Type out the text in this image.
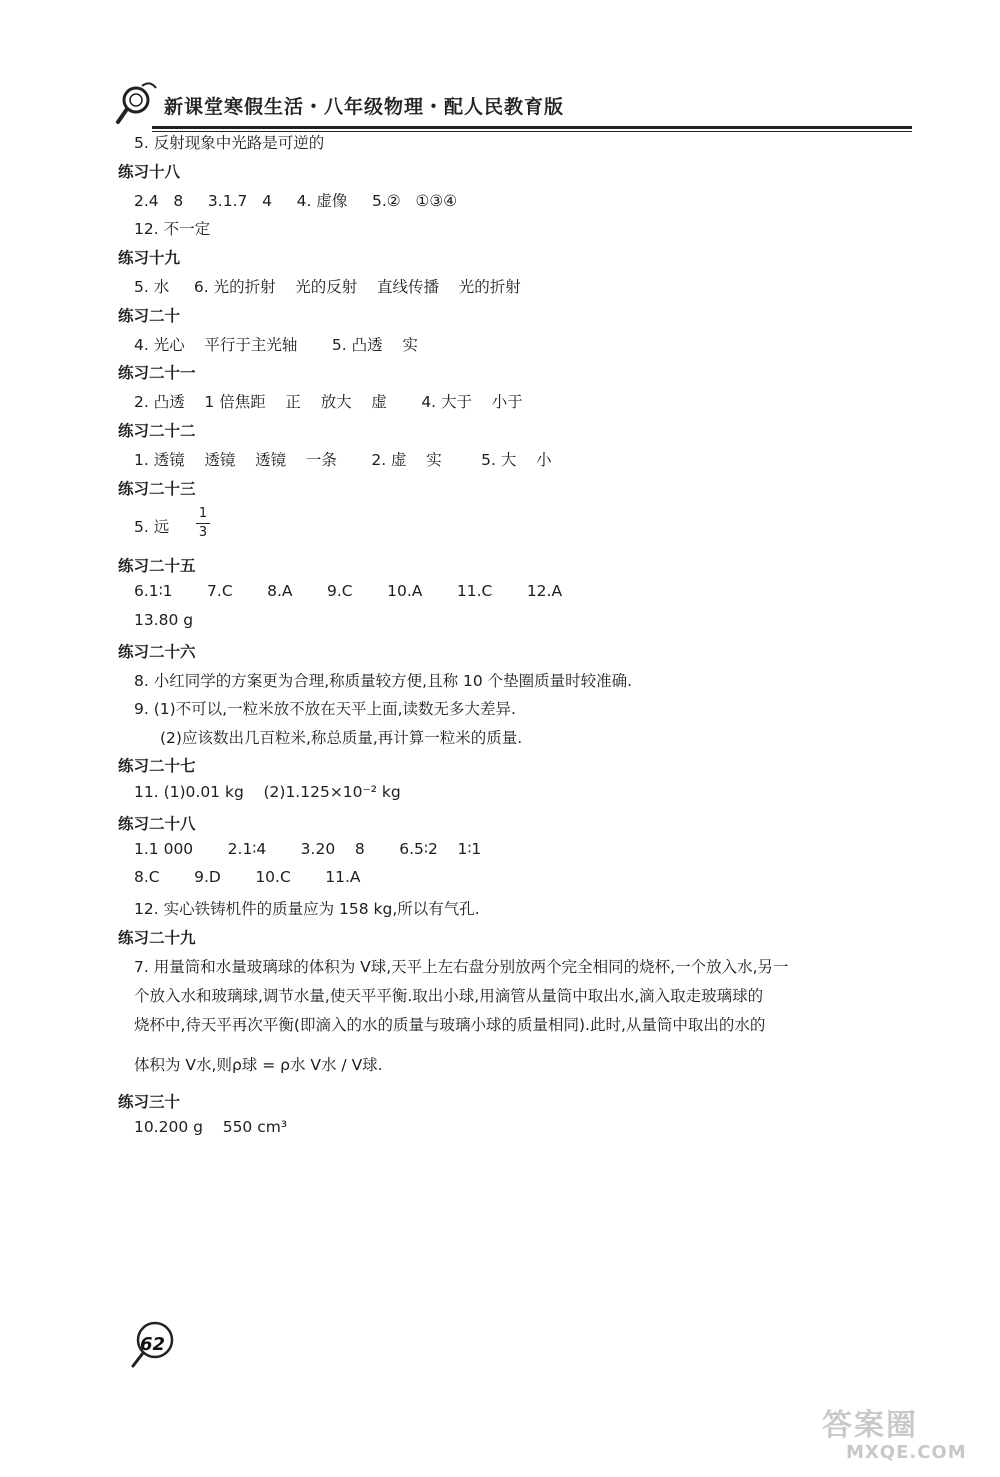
新课堂寒假生活・八年级物理・配人民教育版
5. 反射现象中光路是可逆的
练习十八
2.4   8     3.1.7   4     4. 虚像     5.②   ①③④
12. 不一定
练习十九
5. 水     6. 光的折射    光的反射    直线传播    光的折射
练习二十
4. 光心    平行于主光轴       5. 凸透    实
练习二十一
2. 凸透    1 倍焦距    正    放大    虚       4. 大于    小于
练习二十二
1. 透镜    透镜    透镜    一条       2. 虚    实        5. 大    小
练习二十三
5. 远
1
3
练习二十五
6.1∶1       7.C       8.A       9.C       10.A       11.C       12.A
13.80 g
练习二十六
8. 小红同学的方案更为合理,称质量较方便,且称 10 个垫圈质量时较准确.
9. (1)不可以,一粒米放不放在天平上面,读数无多大差异.
(2)应该数出几百粒米,称总质量,再计算一粒米的质量.
练习二十七
11. (1)0.01 kg    (2)1.125×10⁻² kg
练习二十八
1.1 000       2.1∶4       3.20    8       6.5∶2    1∶1
8.C       9.D       10.C       11.A
12. 实心铁铸机件的质量应为 158 kg,所以有气孔.
练习二十九
7. 用量筒和水量玻璃球的体积为 V球,天平上左右盘分别放两个完全相同的烧杯,一个放入水,另一
个放入水和玻璃球,调节水量,使天平平衡.取出小球,用滴管从量筒中取出水,滴入取走玻璃球的
烧杯中,待天平再次平衡(即滴入的水的质量与玻璃小球的质量相同).此时,从量筒中取出的水的
体积为 V水,则ρ球 = ρ水 V水 / V球.
练习三十
10.200 g    550 cm³
62
答案圈
MXQE.COM
